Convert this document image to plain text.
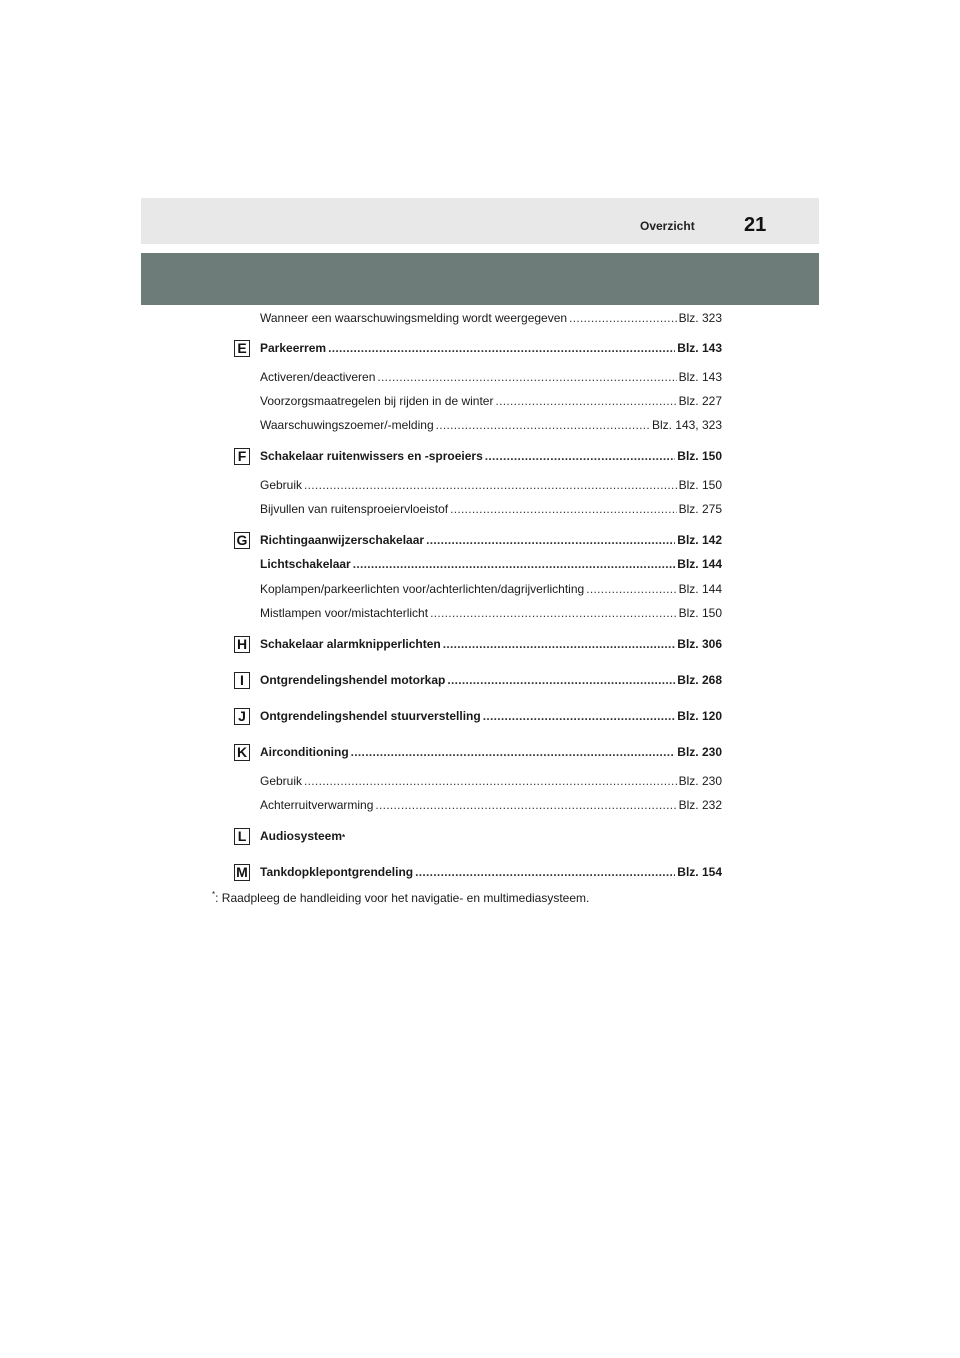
Overzicht 21
Wanneer een waarschuwingsmelding wordt weergegeven .....	Blz. 323
E Parkeerrem .....	Blz. 143
Activeren/deactiveren .....	Blz. 143
Voorzorgsmaatregelen bij rijden in de winter .....	Blz. 227
Waarschuwingszoemer/-melding .....	Blz. 143, 323
F	Schakelaar ruitenwissers en -sproeiers .....	Blz. 150
Gebruik .....	Blz. 150
Bijvullen van ruitensproeiervloeistof .....	Blz. 275
G Richtingaanwijzerschakelaar .....	Blz. 142
Lichtschakelaar .....	Blz. 144
Koplampen/parkeerlichten voor/achterlichten/dagrijverlichting .....	Blz. 144
Mistlampen voor/mistachterlicht .....	Blz. 150
H Schakelaar alarmknipperlichten .....	Blz. 306
I	Ontgrendelingshendel motorkap .....	Blz. 268
J	Ontgrendelingshendel stuurverstelling .....	Blz. 120
K Airconditioning .....	Blz. 230
Gebruik .....	Blz. 230
Achterruitverwarming .....	Blz. 232
L	Audiosysteem *
M Tankdopklepontgrendeling .....	Blz. 154
*: Raadpleeg de handleiding voor het navigatie- en multimediasysteem.
